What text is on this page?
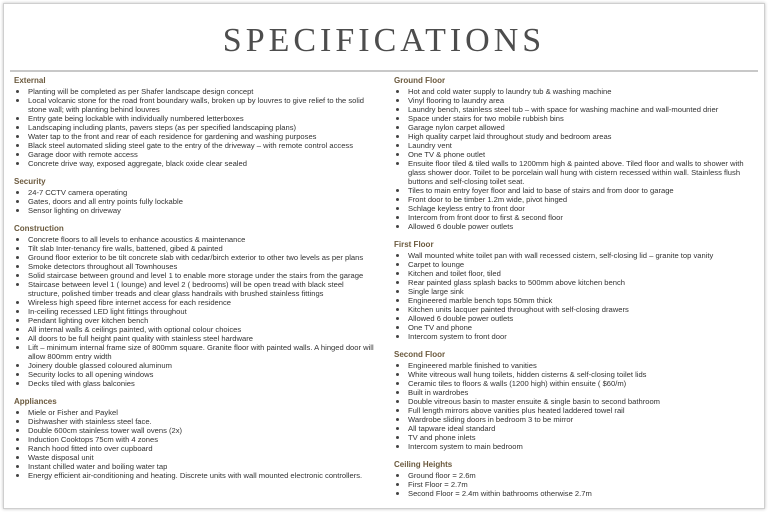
SPECIFICATIONS
External
Planting will be completed as per Shafer landscape design concept
Local volcanic stone for the road front boundary walls, broken up by louvres to give relief to the solid stone wall; with planting behind louvres
Entry gate being lockable with individually numbered letterboxes
Landscaping including plants, pavers steps (as per specified landscaping plans)
Water tap to the front and rear of each residence for gardening and washing purposes
Black steel automated sliding steel gate to the entry of the driveway – with remote control access
Garage door with remote access
Concrete drive way, exposed aggregate, black oxide clear sealed
Security
24-7 CCTV camera operating
Gates, doors and all entry points fully lockable
Sensor lighting on driveway
Construction
Concrete floors to all levels to enhance acoustics & maintenance
Tilt slab Inter-tenancy fire walls, battened, gibed & painted
Ground floor exterior to be tilt concrete slab with cedar/birch exterior to other two levels as per plans
Smoke detectors throughout all Townhouses
Solid staircase between ground and level 1 to enable more storage under the stairs from the garage
Staircase between level 1 ( lounge) and level 2 ( bedrooms) will be open tread with black steel structure, polished timber treads and clear glass handrails with brushed stainless fittings
Wireless high speed fibre internet access for each residence
In-ceiling recessed LED light fittings throughout
Pendant lighting over kitchen bench
All internal walls & ceilings painted, with optional colour choices
All doors to be full height paint quality with stainless steel hardware
Lift – minimum internal frame size of 800mm square. Granite floor with painted walls. A hinged door will allow 800mm entry width
Joinery double glassed coloured aluminum
Security locks to all opening windows
Decks tiled with glass balconies
Appliances
Miele or Fisher and Paykel
Dishwasher with stainless steel face.
Double 600cm stainless tower wall ovens (2x)
Induction Cooktops 75cm with 4 zones
Ranch hood fitted into over cupboard
Waste disposal unit
Instant chilled water and boiling water tap
Energy efficient air-conditioning and heating. Discrete units with wall mounted electronic controllers.
Ground Floor
Hot and cold water supply to laundry tub & washing machine
Vinyl flooring to laundry area
Laundry bench, stainless steel tub – with space for washing machine and wall-mounted drier
Space under stairs for two mobile rubbish bins
Garage nylon carpet allowed
High quality carpet laid throughout study and bedroom areas
Laundry vent
One TV & phone outlet
Ensuite floor tiled & tiled walls to 1200mm high & painted above. Tiled floor and walls to shower with glass shower door. Toilet to be porcelain wall hung with cistern recessed within wall. Stainless flush buttons and self-closing toilet seat.
Tiles to main entry foyer floor and laid to base of stairs and from door to garage
Front door to be timber 1.2m wide, pivot hinged
Schlage keyless entry to front door
Intercom from front door to first & second floor
Allowed 6 double power outlets
First Floor
Wall mounted white toilet pan with wall recessed cistern, self-closing lid – granite top vanity
Carpet to lounge
Kitchen and toilet floor, tiled
Rear painted glass splash backs to 500mm above kitchen bench
Single large sink
Engineered marble bench tops 50mm thick
Kitchen units lacquer painted throughout with self-closing drawers
Allowed 6 double power outlets
One TV and phone
Intercom system to front door
Second Floor
Engineered marble finished to vanities
White vitreous wall hung toilets, hidden cisterns & self-closing toilet lids
Ceramic tiles to floors & walls (1200 high) within ensuite ( $60/m)
Built in wardrobes
Double vitreous basin to master ensuite & single basin to second bathroom
Full length mirrors above vanities plus heated laddered towel rail
Wardrobe sliding doors in bedroom 3 to be mirror
All tapware ideal standard
TV and phone inlets
Intercom system to main bedroom
Ceiling Heights
Ground floor = 2.6m
First Floor = 2.7m
Second Floor = 2.4m within bathrooms otherwise 2.7m
